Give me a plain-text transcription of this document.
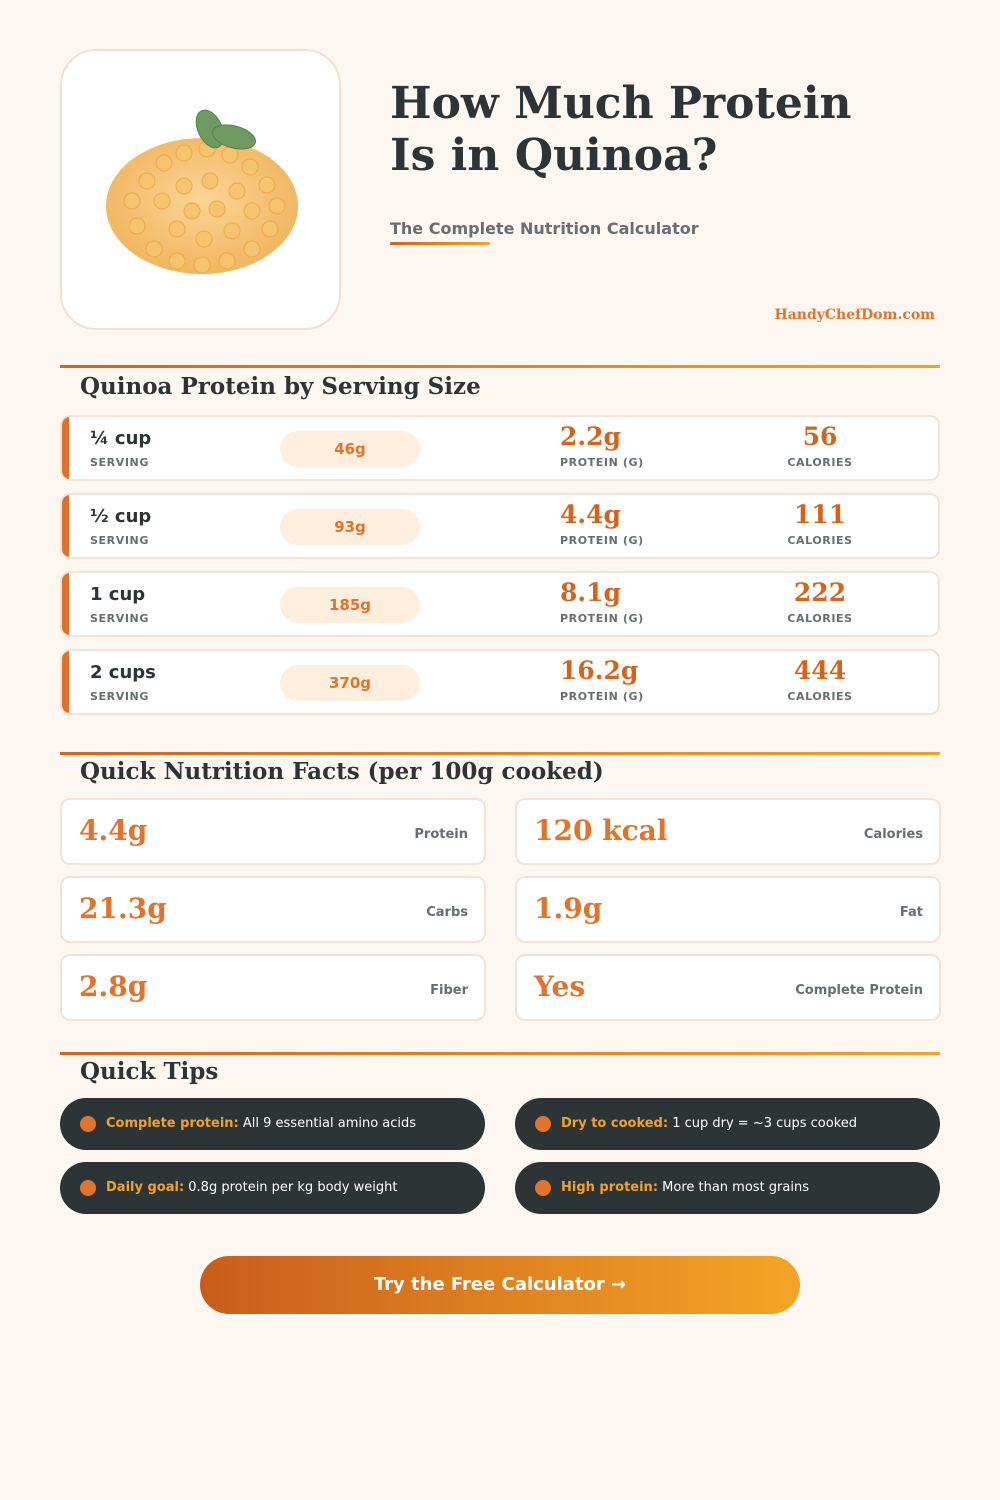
How Much Protein
Is in Quinoa?
The Complete Nutrition Calculator
HandyChefDom.com
Quinoa Protein by Serving Size
¼ cup
SERVING
46g	2.2g
PROTEIN (G)
56
CALORIES
½ cup
SERVING
93g	4.4g
PROTEIN (G)
111
CALORIES
1 cup
SERVING
185g	8.1g
PROTEIN (G)
222
CALORIES
2 cups
SERVING
370g	16.2g
PROTEIN (G)
444
CALORIES
Quick Nutrition Facts (per 100g cooked)
4.4g	Protein 120 kcal	Calories
21.3g	Carbs 1.9g	Fat
2.8g	Fiber Yes	Complete Protein
Quick Tips
Complete protein: All 9 essential amino acids	Dry to cooked: 1 cup dry = ~3 cups cooked
Daily goal: 0.8g protein per kg body weight	High protein: More than most grains
Try the Free Calculator →
